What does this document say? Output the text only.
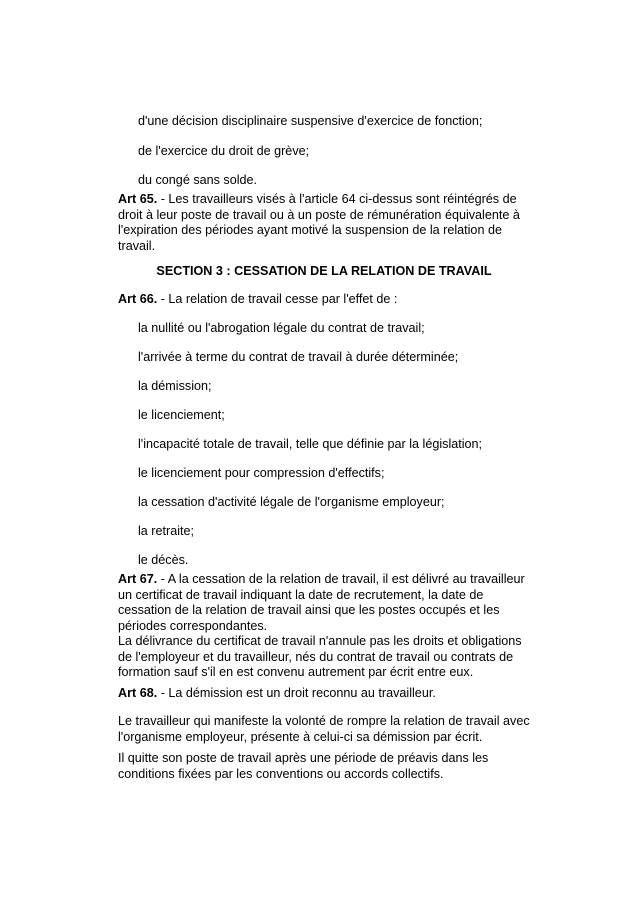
d'une décision disciplinaire suspensive d'exercice de fonction;

de l'exercice du droit de grève;

du congé sans solde.

Art 65. - Les travailleurs visés à l'article 64 ci-dessus sont réintégrés de
droit à leur poste de travail ou à un poste de rémunération équivalente à
l'expiration des périodes ayant motivé la suspension de la relation de
travail.

SECTION 3 : CESSATION DE LA RELATION DE TRAVAIL

Art 66. - La relation de travail cesse par l'effet de :

la nullité ou l'abrogation légale du contrat de travail;

l'arrivée à terme du contrat de travail à durée déterminée;

la démission;

le licenciement;

l'incapacité totale de travail, telle que définie par la législation;

le licenciement pour compression d'effectifs;

la cessation d'activité légale de l'organisme employeur;

la retraite;

le décès.

Art 67. - A la cessation de la relation de travail, il est délivré au travailleur
un certificat de travail indiquant la date de recrutement, la date de
cessation de la relation de travail ainsi que les postes occupés et les
périodes correspondantes.
La délivrance du certificat de travail n'annule pas les droits et obligations
de l'employeur et du travailleur, nés du contrat de travail ou contrats de
formation sauf s'il en est convenu autrement par écrit entre eux.
Art 68. - La démission est un droit reconnu au travailleur.
Le travailleur qui manifeste la volonté de rompre la relation de travail avec
l'organisme employeur, présente à celui-ci sa démission par écrit.
Il quitte son poste de travail après une période de préavis dans les
conditions fixées par les conventions ou accords collectifs.
